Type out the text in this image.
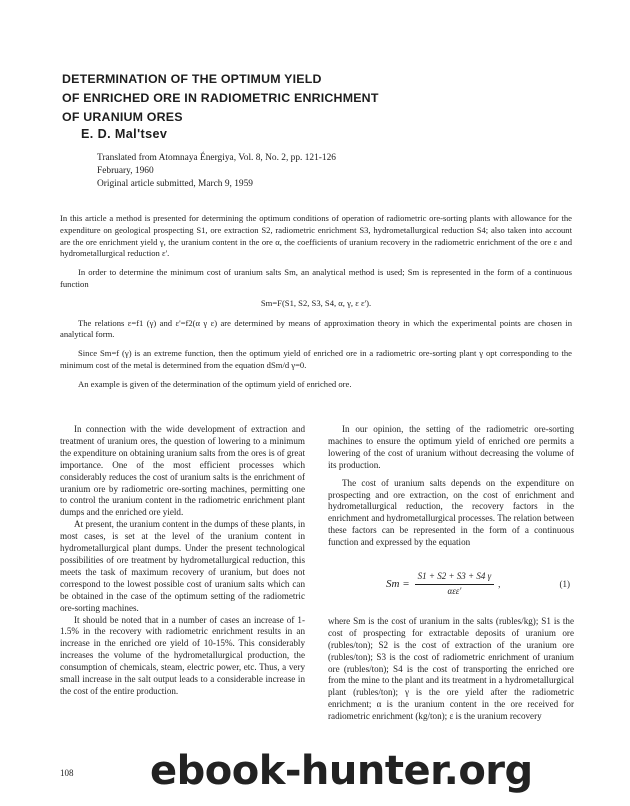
DETERMINATION OF THE OPTIMUM YIELD
OF ENRICHED ORE IN RADIOMETRIC ENRICHMENT
OF URANIUM ORES
E. D. Mal'tsev
Translated from Atomnaya Énergiya, Vol. 8, No. 2, pp. 121-126
February, 1960
Original article submitted, March 9, 1959

In this article a method is presented for determining the optimum conditions of operation of radiometric ore-sorting plants with allowance for the expenditure on geological prospecting S1, ore extraction S2, radiometric enrichment S3, hydrometallurgical reduction S4; also taken into account are the ore enrichment yield γ, the uranium content in the ore α, the coefficients of uranium recovery in the radiometric enrichment of the ore ε and hydrometallurgical reduction ε'.

In order to determine the minimum cost of uranium salts Sm, an analytical method is used; Sm is represented in the form of a continuous function

Sm=F(S1, S2, S3, S4, α, γ, ε ε').

The relations ε=f1 (γ) and ε'=f2(α γ ε) are determined by means of approximation theory in which the experimental points are chosen in analytical form.

Since Sm=f (γ) is an extreme function, then the optimum yield of enriched ore in a radiometric ore-sorting plant γ opt corresponding to the minimum cost of the metal is determined from the equation dSm/d γ=0.

An example is given of the determination of the optimum yield of enriched ore.

In connection with the wide development of extraction and treatment of uranium ores, the question of lowering to a minimum the expenditure on obtaining uranium salts from the ores is of great importance. One of the most efficient processes which considerably reduces the cost of uranium salts is the enrichment of uranium ore by radiometric ore-sorting machines, permitting one to control the uranium content in the radiometric enrichment plant dumps and the enriched ore yield.

At present, the uranium content in the dumps of these plants, in most cases, is set at the level of the uranium content in hydrometallurgical plant dumps. Under the present technological possibilities of ore treatment by hydrometallurgical reduction, this meets the task of maximum recovery of uranium, but does not correspond to the lowest possible cost of uranium salts which can be obtained in the case of the optimum setting of the radiometric ore-sorting machines.

It should be noted that in a number of cases an increase of 1-1.5% in the recovery with radiometric enrichment results in an increase in the enriched ore yield of 10-15%. This considerably increases the volume of the hydrometallurgical production, the consumption of chemicals, steam, electric power, etc. Thus, a very small increase in the salt output leads to a considerable increase in the cost of the entire production.

In our opinion, the setting of the radiometric ore-sorting machines to ensure the optimum yield of enriched ore permits a lowering of the cost of uranium without decreasing the volume of its production.

The cost of uranium salts depends on the expenditure on prospecting and ore extraction, on the cost of enrichment and hydrometallurgical reduction, the recovery factors in the enrichment and hydrometallurgical processes. The relation between these factors can be represented in the form of a continuous function and expressed by the equation

$Sm = \frac{S1 + S2 + S3 + S4 \gamma}{\text{αεε'}}$ ,	(1)

where Sm is the cost of uranium in the salts (rubles/kg); S1 is the cost of prospecting for extractable deposits of uranium ore (rubles/ton); S2 is the cost of extraction of the uranium ore (rubles/ton); S3 is the cost of radiometric enrichment of uranium ore (rubles/ton); S4 is the cost of transporting the enriched ore from the mine to the plant and its treatment in a hydrometallurgical plant (rubles/ton); γ is the ore yield after the radiometric enrichment; α is the uranium content in the ore received for radiometric enrichment (kg/ton); ε is the uranium recovery

108 ebook-hunter.org
